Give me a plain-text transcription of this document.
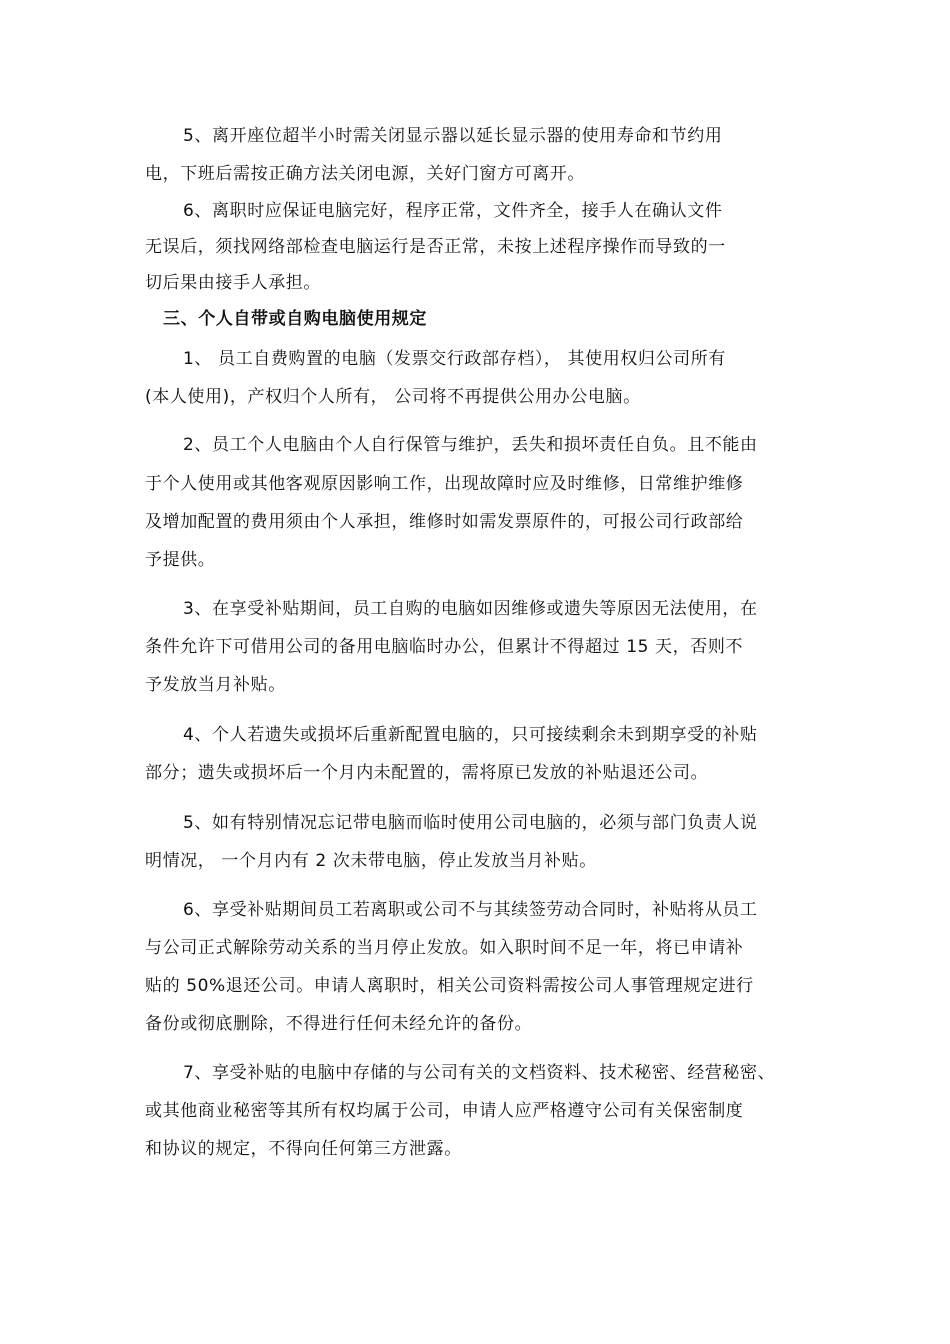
5、离开座位超半小时需关闭显示器以延长显示器的使用寿命和节约用
电，下班后需按正确方法关闭电源，关好门窗方可离开。
6、离职时应保证电脑完好，程序正常，文件齐全，接手人在确认文件
无误后，须找网络部检查电脑运行是否正常，未按上述程序操作而导致的一
切后果由接手人承担。
三、个人自带或自购电脑使用规定
1、 员工自费购置的电脑（发票交行政部存档）， 其使用权归公司所有
(本人使用)，产权归个人所有， 公司将不再提供公用办公电脑。
2、员工个人电脑由个人自行保管与维护，丢失和损坏责任自负。且不能由
于个人使用或其他客观原因影响工作，出现故障时应及时维修，日常维护维修
及增加配置的费用须由个人承担，维修时如需发票原件的，可报公司行政部给
予提供。
3、在享受补贴期间，员工自购的电脑如因维修或遗失等原因无法使用，在
条件允许下可借用公司的备用电脑临时办公，但累计不得超过 15 天，否则不
予发放当月补贴。
4、个人若遗失或损坏后重新配置电脑的，只可接续剩余未到期享受的补贴
部分；遗失或损坏后一个月内未配置的，需将原已发放的补贴退还公司。
5、如有特别情况忘记带电脑而临时使用公司电脑的，必须与部门负责人说
明情况， 一个月内有 2 次未带电脑，停止发放当月补贴。
6、享受补贴期间员工若离职或公司不与其续签劳动合同时，补贴将从员工
与公司正式解除劳动关系的当月停止发放。如入职时间不足一年，将已申请补
贴的 50%退还公司。申请人离职时，相关公司资料需按公司人事管理规定进行
备份或彻底删除，不得进行任何未经允许的备份。
7、享受补贴的电脑中存储的与公司有关的文档资料、技术秘密、经营秘密、
或其他商业秘密等其所有权均属于公司，申请人应严格遵守公司有关保密制度
和协议的规定，不得向任何第三方泄露。
